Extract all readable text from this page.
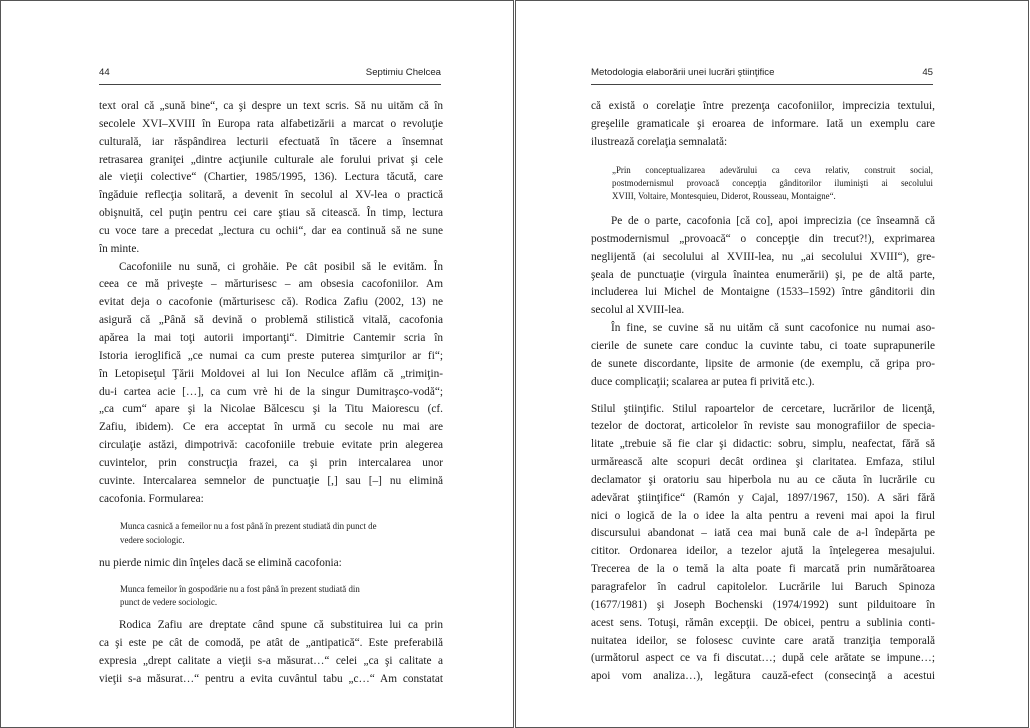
44	Septimiu Chelcea
text oral că „sună bine“, ca şi despre un text scris. Să nu uităm că în
secolele XVI–XVIII în Europa rata alfabetizării a marcat o revoluţie
culturală, iar răspândirea lecturii efectuată în tăcere a însemnat
retrasarea graniţei „dintre acţiunile culturale ale forului privat şi cele
ale vieţii colective“ (Chartier, 1985/1995, 136). Lectura tăcută, care
îngăduie reflecţia solitară, a devenit în secolul al XV-lea o practică
obişnuită, cel puţin pentru cei care ştiau să citească. În timp, lectura
cu voce tare a precedat „lectura cu ochii“, dar ea continuă să ne sune
în minte.
Cacofoniile nu sună, ci grohăie. Pe cât posibil să le evităm. În
ceea ce mă priveşte – mărturisesc – am obsesia cacofoniilor. Am
evitat deja o cacofonie (mărturisesc că). Rodica Zafiu (2002, 13) ne
asigură că „Până să devină o problemă stilistică vitală, cacofonia
apărea la mai toţi autorii importanţi“. Dimitrie Cantemir scria în
Istoria ieroglifică „ce numai ca cum preste puterea simţurilor ar fi“;
în Letopiseţul Ţării Moldovei al lui Ion Neculce aflăm că „trimiţin-
du-i cartea acie […], ca cum vrè hi de la singur Dumitraşco-vodă“;
„ca cum“ apare şi la Nicolae Bălcescu şi la Titu Maiorescu (cf.
Zafiu, ibidem). Ce era acceptat în urmă cu secole nu mai are
circulaţie astăzi, dimpotrivă: cacofoniile trebuie evitate prin alegerea
cuvintelor, prin construcţia frazei, ca şi prin intercalarea unor
cuvinte. Intercalarea semnelor de punctuaţie [,] sau [–] nu elimină
cacofonia. Formularea:
Munca casnică a femeilor nu a fost până în prezent studiată din punct de
vedere sociologic.
nu pierde nimic din înţeles dacă se elimină cacofonia:
Munca femeilor în gospodărie nu a fost până în prezent studiată din
punct de vedere sociologic.
Rodica Zafiu are dreptate când spune că substituirea lui ca prin
ca şi este pe cât de comodă, pe atât de „antipatică“. Este preferabilă
expresia „drept calitate a vieţii s-a măsurat…“ celei „ca şi calitate a
vieţii s-a măsurat…“ pentru a evita cuvântul tabu „c…“ Am constatat
Metodologia elaborării unei lucrări ştiinţifice	45
că există o corelaţie între prezenţa cacofoniilor, imprecizia textului,
greşelile gramaticale şi eroarea de informare. Iată un exemplu care
ilustrează corelaţia semnalată:
„Prin conceptualizarea adevărului ca ceva relativ, construit social,
postmodernismul provoacă concepţia gânditorilor iluminişti ai secolului
XVIII, Voltaire, Montesquieu, Diderot, Rousseau, Montaigne“.
Pe de o parte, cacofonia [că co], apoi imprecizia (ce înseamnă că
postmodernismul „provoacă“ o concepţie din trecut?!), exprimarea
neglijentă (ai secolului al XVIII-lea, nu „ai secolului XVIII“), gre-
şeala de punctuaţie (virgula înaintea enumerării) şi, pe de altă parte,
includerea lui Michel de Montaigne (1533–1592) între gânditorii din
secolul al XVIII-lea.
În fine, se cuvine să nu uităm că sunt cacofonice nu numai aso-
cierile de sunete care conduc la cuvinte tabu, ci toate suprapunerile
de sunete discordante, lipsite de armonie (de exemplu, că gripa pro-
duce complicaţii; scalarea ar putea fi privită etc.).
Stilul ştiinţific. Stilul rapoartelor de cercetare, lucrărilor de licenţă,
tezelor de doctorat, articolelor în reviste sau monografiilor de specia-
litate „trebuie să fie clar şi didactic: sobru, simplu, neafectat, fără să
urmărească alte scopuri decât ordinea şi claritatea. Emfaza, stilul
declamator şi oratoriu sau hiperbola nu au ce căuta în lucrările cu
adevărat ştiinţifice“ (Ramón y Cajal, 1897/1967, 150). A sări fără
nici o logică de la o idee la alta pentru a reveni mai apoi la firul
discursului abandonat – iată cea mai bună cale de a-l îndepărta pe
cititor. Ordonarea ideilor, a tezelor ajută la înţelegerea mesajului.
Trecerea de la o temă la alta poate fi marcată prin numărătoarea
paragrafelor în cadrul capitolelor. Lucrările lui Baruch Spinoza
(1677/1981) şi Joseph Bochenski (1974/1992) sunt pilduitoare în
acest sens. Totuşi, rămân excepţii. De obicei, pentru a sublinia conti-
nuitatea ideilor, se folosesc cuvinte care arată tranziţia temporală
(următorul aspect ce va fi discutat…; după cele arătate se impune…;
apoi vom analiza…), legătura cauză-efect (consecinţă a acestui
